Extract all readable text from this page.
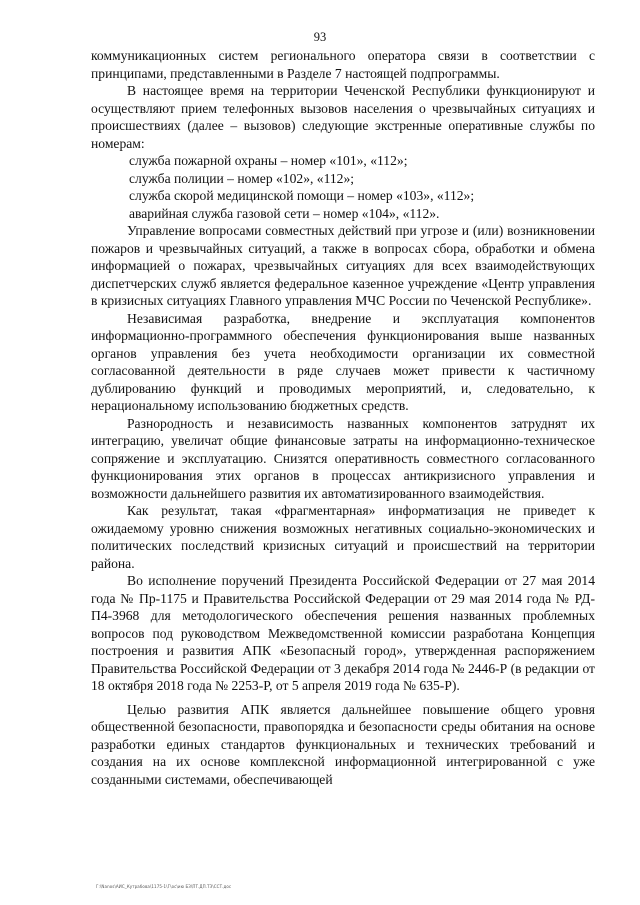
93

коммуникационных систем регионального оператора связи в соответствии с принципами, представленными в Разделе 7 настоящей подпрограммы.

В настоящее время на территории Чеченской Республики функционируют и осуществляют прием телефонных вызовов населения о чрезвычайных ситуациях и происшествиях (далее – вызовов) следующие экстренные оперативные службы по номерам:

служба пожарной охраны – номер «101», «112»;

служба полиции – номер «102», «112»;

служба скорой медицинской помощи – номер «103», «112»;

аварийная служба газовой сети – номер «104», «112».

Управление вопросами совместных действий при угрозе и (или) возникновении пожаров и чрезвычайных ситуаций, а также в вопросах сбора, обработки и обмена информацией о пожарах, чрезвычайных ситуациях для всех взаимодействующих диспетчерских служб является федеральное казенное учреждение «Центр управления в кризисных ситуациях Главного управления МЧС России по Чеченской Республике».

Независимая разработка, внедрение и эксплуатация компонентов информационно-программного обеспечения функционирования выше названных органов управления без учета необходимости организации их совместной согласованной деятельности в ряде случаев может привести к частичному дублированию функций и проводимых мероприятий, и, следовательно, к нерациональному использованию бюджетных средств.

Разнородность и независимость названных компонентов затруднят их интеграцию, увеличат общие финансовые затраты на информационно-техническое сопряжение и эксплуатацию. Снизятся оперативность совместного согласованного функционирования этих органов в процессах антикризисного управления и возможности дальнейшего развития их автоматизированного взаимодействия.

Как результат, такая «фрагментарная» информатизация не приведет к ожидаемому уровню снижения возможных негативных социально-экономических и политических последствий кризисных ситуаций и происшествий на территории района.

Во исполнение поручений Президента Российской Федерации от 27 мая 2014 года № Пр-1175 и Правительства Российской Федерации от 29 мая 2014 года № РД-П4-3968 для методологического обеспечения решения названных проблемных вопросов под руководством Межведомственной комиссии разработана Концепция построения и развития АПК «Безопасный город», утвержденная распоряжением Правительства Российской Федерации от 3 декабря 2014 года № 2446-Р (в редакции от 18 октября 2018 года № 2253-Р, от 5 апреля 2019 года № 635-Р).

Целью развития АПК является дальнейшее повышение общего уровня общественной безопасности, правопорядка и безопасности среды обитания на основе разработки единых стандартов функциональных и технических требований и создания на их основе комплексной информационной интегрированной с уже созданными системами, обеспечивающей

Г:\Nanos\АИС_Кутрабова\1175-1\Г\ос\ию БЗ\ПТ.ДП.ТЗ\ССТ.дос
